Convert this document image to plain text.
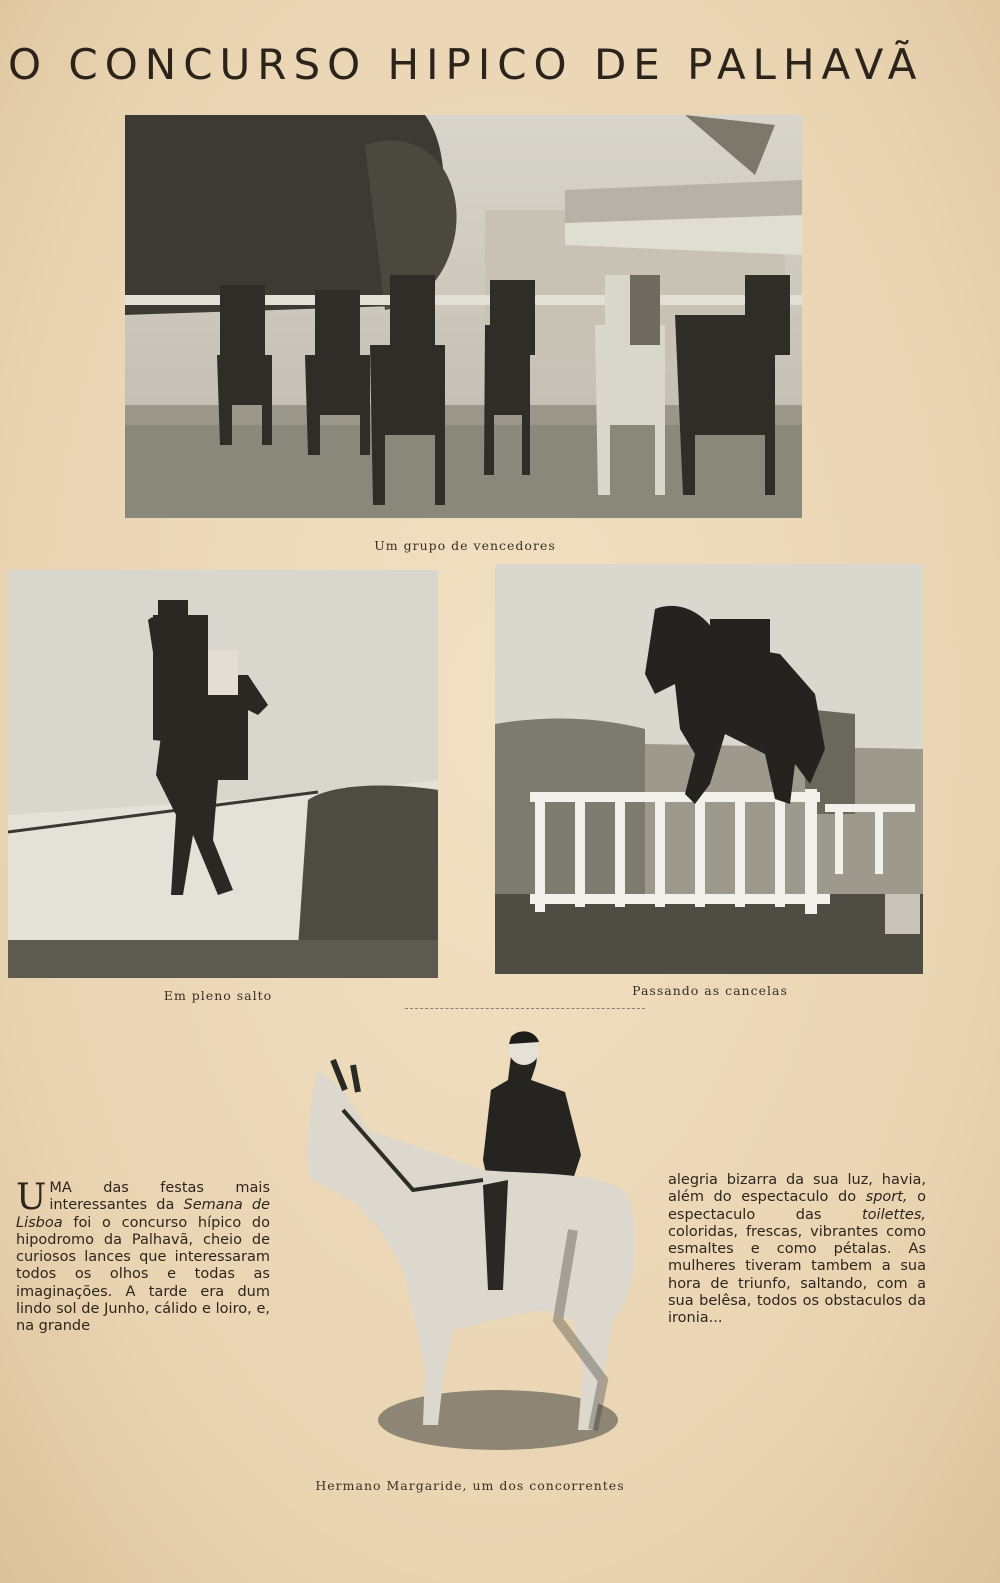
O CONCURSO HIPICO DE PALHAVÃ
Um grupo de vencedores
Em pleno salto	Passando as cancelas
Hermano Margaride, um dos concorrentes

UMA das festas mais interessantes da Semana de Lisboa foi o concurso hípico do hipodromo da Palhavã, cheio de curiosos lances que interessaram todos os olhos e todas as imaginações. A tarde era dum lindo sol de Junho, cálido e loiro, e, na grande

alegria bizarra da sua luz, havia, além do espectaculo do sport, o espectaculo das toilettes, coloridas, frescas, vibrantes como esmaltes e como pétalas. As mulheres tiveram tambem a sua hora de triunfo, saltando, com a sua belêsa, todos os obstaculos da ironia...
